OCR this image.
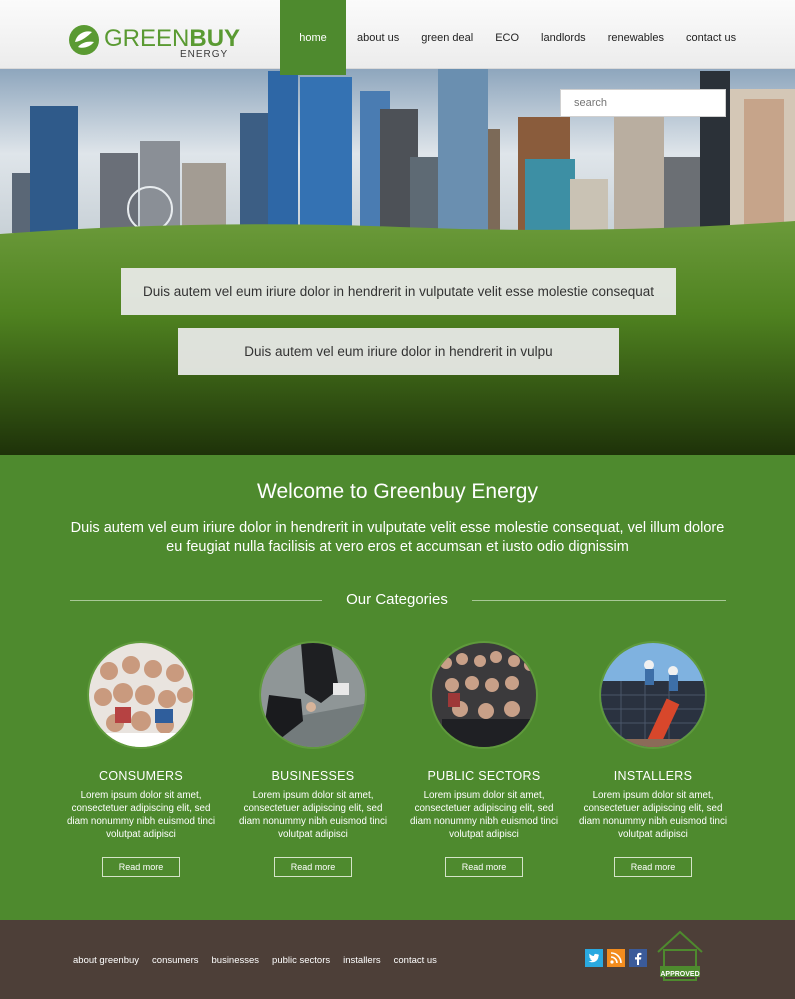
GREENBUY
ENERGY
home	about us	green deal	ECO	landlords	renewables	contact us
search
Duis autem vel eum iriure dolor in hendrerit in vulputate velit esse molestie consequat
Duis autem vel eum iriure dolor in hendrerit in vulpu
Welcome to Greenbuy Energy

Duis autem vel eum iriure dolor in hendrerit in vulputate velit esse molestie consequat, vel illum dolore eu feugiat nulla facilisis at vero eros et accumsan et iusto odio dignissim

Our Categories
CONSUMERS

Lorem ipsum dolor sit amet, consectetuer adipiscing elit, sed diam nonummy nibh euismod tinci volutpat adipisci

Read more
BUSINESSES

Lorem ipsum dolor sit amet, consectetuer adipiscing elit, sed diam nonummy nibh euismod tinci volutpat adipisci

Read more
PUBLIC SECTORS

Lorem ipsum dolor sit amet, consectetuer adipiscing elit, sed diam nonummy nibh euismod tinci volutpat adipisci

Read more
INSTALLERS

Lorem ipsum dolor sit amet, consectetuer adipiscing elit, sed diam nonummy nibh euismod tinci volutpat adipisci

Read more
about greenbuy consumers businesses public sectors installers contact us
APPROVED
